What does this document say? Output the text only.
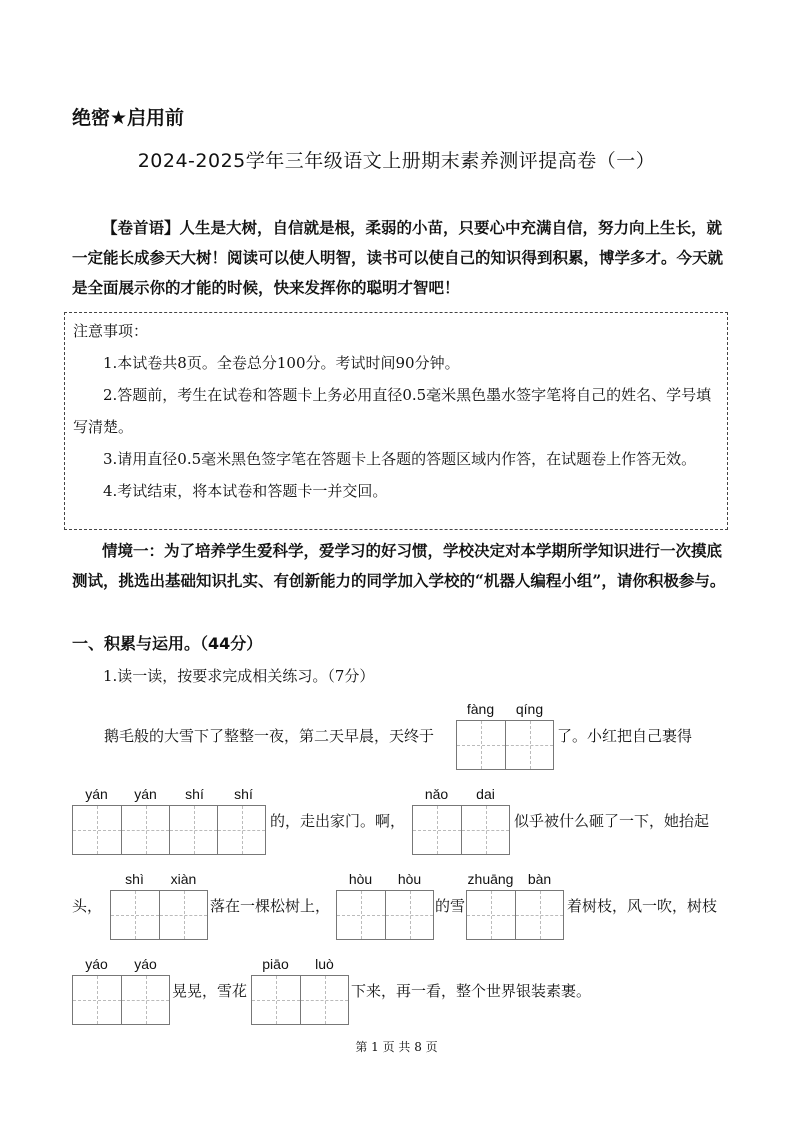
绝密★启用前
2024-2025学年三年级语文上册期末素养测评提高卷（一）
【卷首语】人生是大树，自信就是根，柔弱的小苗，只要心中充满自信，努力向上生长，就一定能长成参天大树！阅读可以使人明智，读书可以使自己的知识得到积累，博学多才。今天就是全面展示你的才能的时候，快来发挥你的聪明才智吧！

注意事项：

1.本试卷共8页。全卷总分100分。考试时间90分钟。

2.答题前，考生在试卷和答题卡上务必用直径0.5毫米黑色墨水签字笔将自己的姓名、学号填写清楚。

3.请用直径0.5毫米黑色签字笔在答题卡上各题的答题区域内作答，在试题卷上作答无效。

4.考试结束，将本试卷和答题卡一并交回。

情境一：为了培养学生爱科学，爱学习的好习惯，学校决定对本学期所学知识进行一次摸底测试，挑选出基础知识扎实、有创新能力的同学加入学校的“机器人编程小组”，请你积极参与。
一、积累与运用。（44分）
1.读一读，按要求完成相关练习。（7分）
鹅毛般的大雪下了整整一夜，第二天早晨，天终于
fàng	qíng
了。小红把自己裹得
yán	yán	shí	shí
的，走出家门。啊，
nǎo	dai
似乎被什么砸了一下，她抬起
头，
shì	xiàn
落在一棵松树上，
hòu	hòu
的雪
zhuāng	bàn
着树枝，风一吹，树枝
yáo	yáo
晃晃，雪花
piāo	luò
下来，再一看，整个世界银装素裹。
第 1 页 共 8 页
